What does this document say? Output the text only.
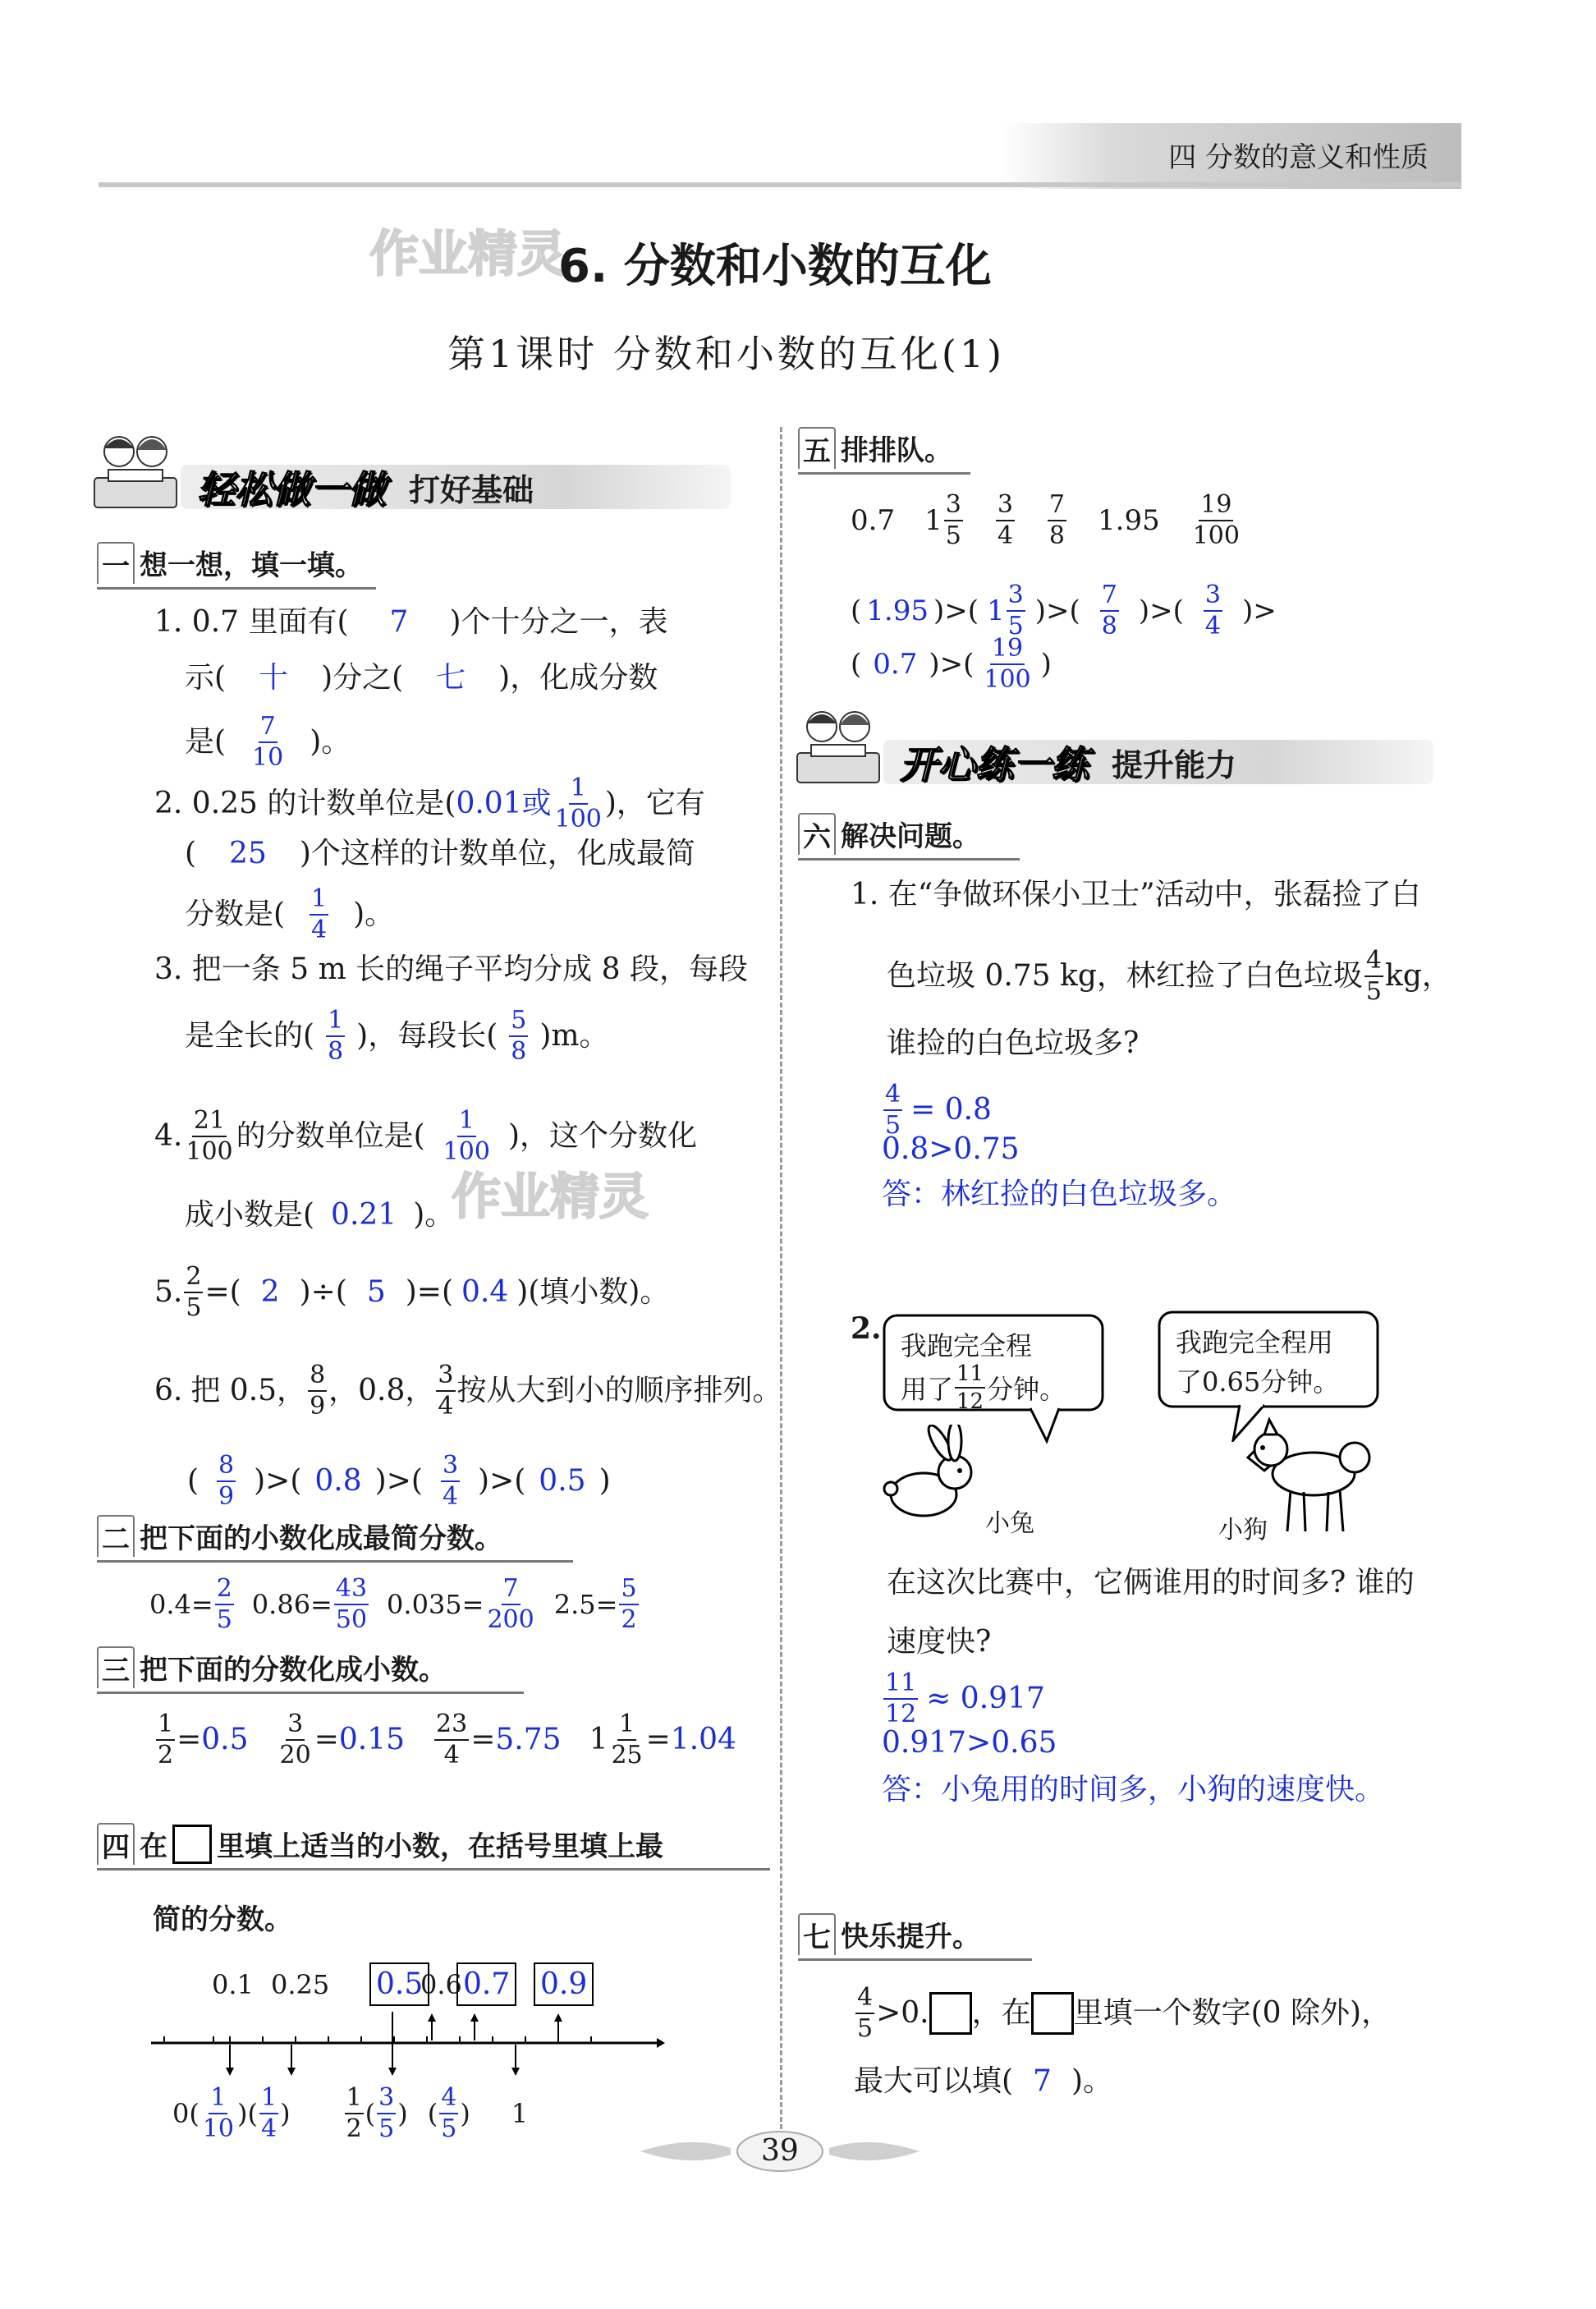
四 分数的意义和性质
作业精灵
6. 分数和小数的互化
第1课时 分数和小数的互化(1)
轻松做一做 打好基础
一 想一想，填一填。
1. 0.7 里面有( 7 )个十分之一，表
示( 十 )分之( 七 )，化成分数
是( $\frac{7}{10}$ )。
2. 0.25 的计数单位是( 0.01或 $\frac{1}{100}$ )，它有
( 25 )个这样的计数单位，化成最简
分数是( $\frac{1}{4}$ )。
3. 把一条 5 m 长的绳子平均分成 8 段，每段
是全长的 ( $\frac{1}{8}$ ) ，每段长 ( $\frac{5}{8}$ ) m。
4. $\frac{21}{100}$ 的分数单位是( $\frac{1}{100}$ )，这个分数化
成小数是( 0.21 )。
作业精灵
5. $\frac{2}{5}$ =( 2 )÷( 5 )=( 0.4 )(填小数)。
6. 把 0.5， $\frac{8}{9}$ ，0.8， $\frac{3}{4}$ 按从大到小的顺序排列。
( $\frac{8}{9}$ )>( 0.8 )>( $\frac{3}{4}$ )>( 0.5 )
二 把下面的小数化成最简分数。
$0.4= \frac{2}{5} 0.86= \frac{43}{50} 0.035= \frac{7}{200} 2.5= \frac{5}{2}$
三 把下面的分数化成小数。
$\frac{1}{2} = 0.5 \frac{3}{20} = 0.15 \frac{23}{4} = 5.75$ $1 \frac{1}{25} = 1.04$
四 在 里填上适当的小数，在括号里填上最
简的分数。
0.1 0.25 0.5
0.6 0.7 0.9
0 ( $\frac{1}{10}$ )( $\frac{1}{4}$ ) $\frac{1}{2}$ ( $\frac{3}{5}$ ) ( $\frac{4}{5}$ ) 1
五 排排队。
0.7 $1 \frac{3}{5} \frac{3}{4} \frac{7}{8} 1.95 \frac{19}{100}$
( 1.95 )>( $1 \frac{3}{5}$ )>( $\frac{7}{8}$ )>( $\frac{3}{4}$ )>
( 0.7 )>( $\frac{19}{100}$ )
开心练一练 提升能力
六 解决问题。
1. 在“争做环保小卫士”活动中，张磊捡了白
色垃圾 0.75 kg，林红捡了白色垃圾 $\frac{4}{5}$ kg，
谁捡的白色垃圾多?
$\frac{4}{5} = 0.8$
0.8>0.75
答：林红捡的白色垃圾多。
2. 我跑完全程
用了 $\frac{11}{12}$ 分钟。
我跑完全程用
了0.65分钟。
小兔	小狗
在这次比赛中，它俩谁用的时间多? 谁的
速度快?
$\frac{11}{12} \approx 0.917$
0.917>0.65
答：小兔用的时间多，小狗的速度快。
七 快乐提升。
$\frac{4}{5} >0$. ，在 里填一个数字(0 除外)，
最大可以填( 7 )。
39
